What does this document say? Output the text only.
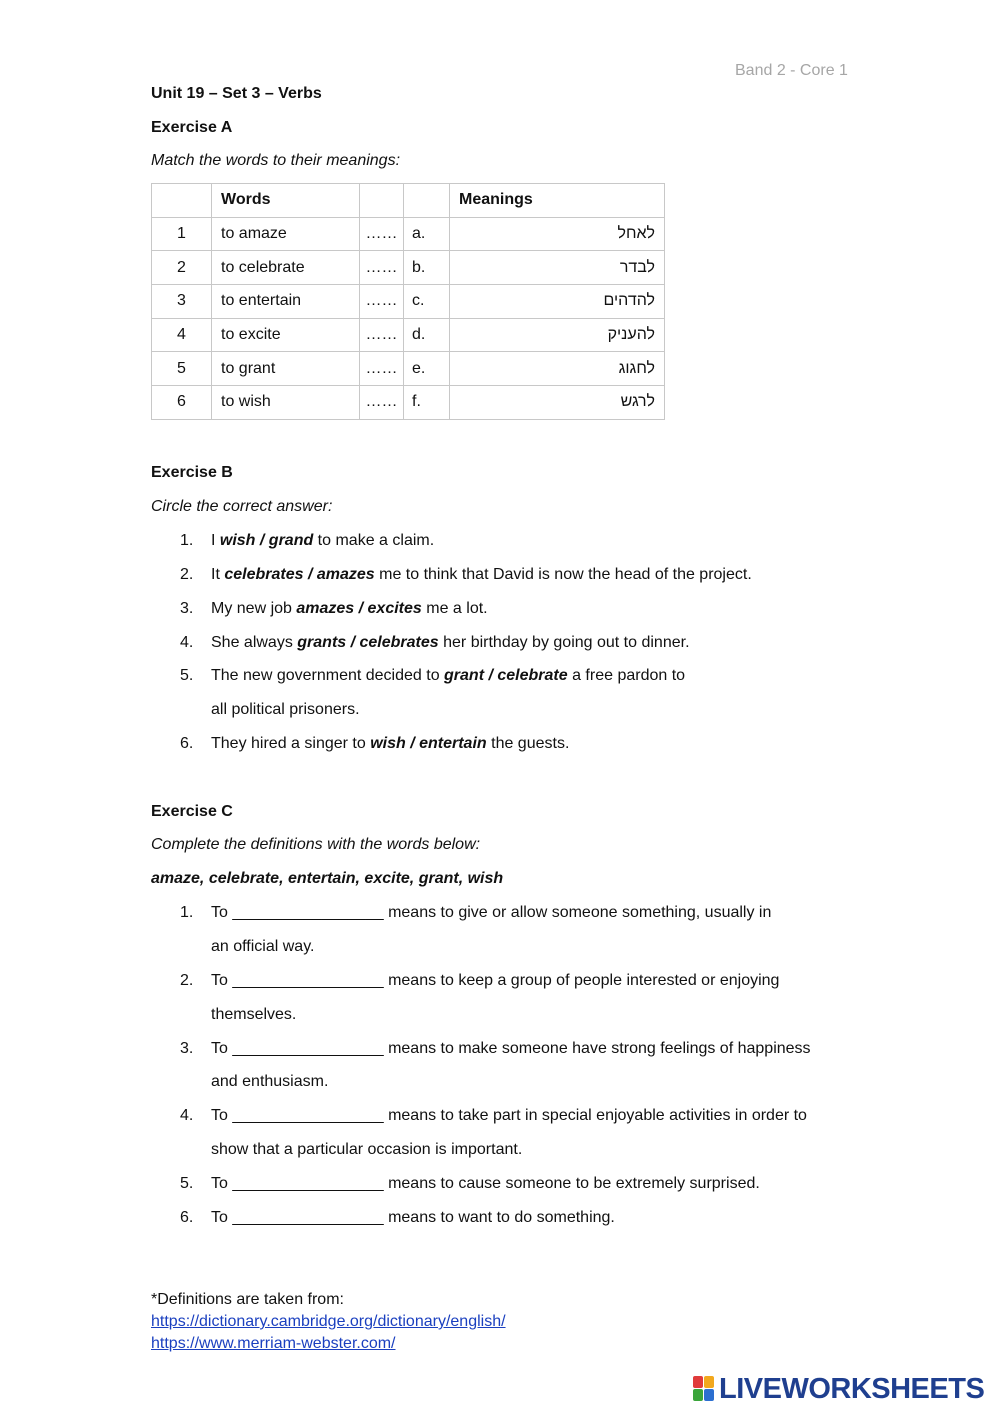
Band 2 - Core 1
Unit 19 – Set 3 – Verbs
Exercise A
Match the words to their meanings:
	Words			Meanings
1	to amaze	……	a.	לאחל
2	to celebrate	……	b.	לבדר
3	to entertain	……	c.	להדהים
4	to excite	……	d.	להעניק
5	to grant	……	e.	לחגוג
6	to wish	……	f.	לרגש
Exercise B
Circle the correct answer:
1.	I wish / grand to make a claim.
2.	It celebrates / amazes me to think that David is now the head of the project.
3.	My new job amazes / excites me a lot.
4.	She always grants / celebrates her birthday by going out to dinner.
5.	The new government decided to grant / celebrate a free pardon to
all political prisoners.
6.	They hired a singer to wish / entertain the guests.
Exercise C
Complete the definitions with the words below:
amaze, celebrate, entertain, excite, grant, wish
1.	To _________________ means to give or allow someone something, usually in
an official way.
2.	To _________________ means to keep a group of people interested or enjoying
themselves.
3.	To _________________ means to make someone have strong feelings of happiness
and enthusiasm.
4.	To _________________ means to take part in special enjoyable activities in order to
show that a particular occasion is important.
5.	To _________________ means to cause someone to be extremely surprised.
6.	To _________________ means to want to do something.
*Definitions are taken from:
https://dictionary.cambridge.org/dictionary/english/
https://www.merriam-webster.com/
LIVEWORKSHEETS
